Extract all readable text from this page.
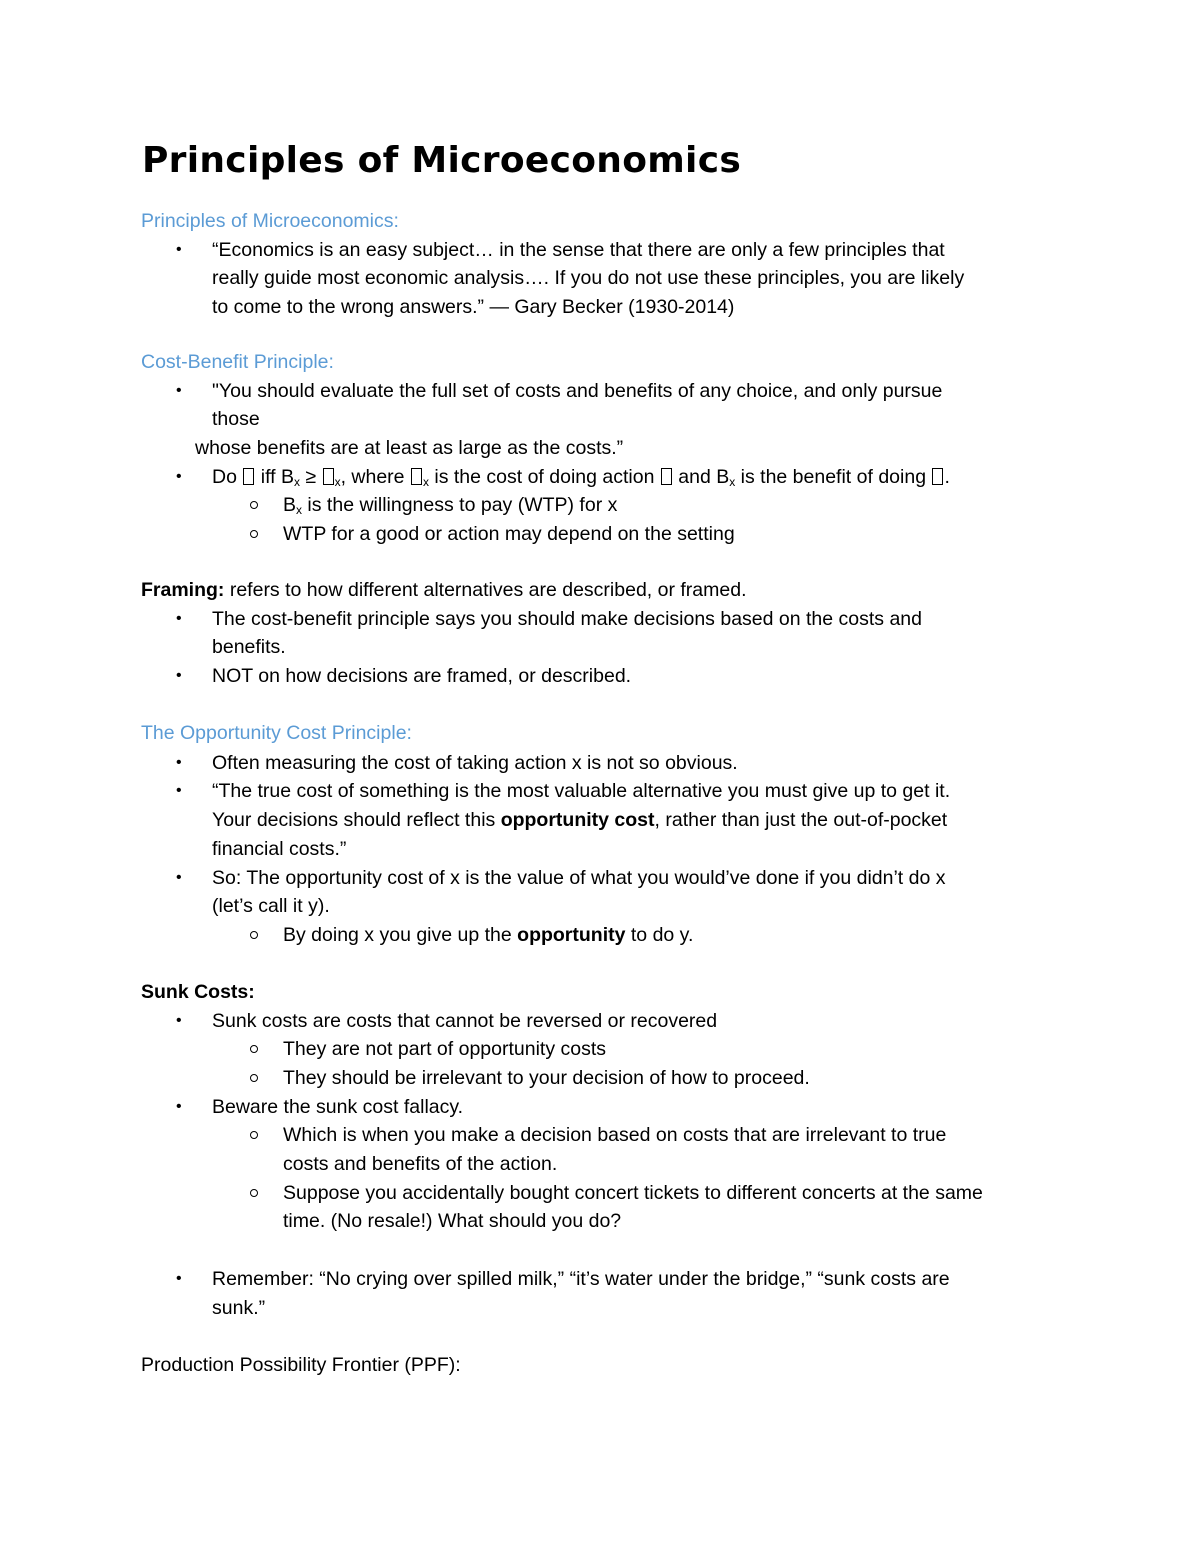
Principles of Microeconomics
Principles of Microeconomics:
• “Economics is an easy subject… in the sense that there are only a few principles that
really guide most economic analysis…. If you do not use these principles, you are likely
to come to the wrong answers.” — Gary Becker (1930-2014)
Cost-Benefit Principle:
• "You should evaluate the full set of costs and benefits of any choice, and only pursue
those
whose benefits are at least as large as the costs.”
• Do  iff $B_x \ge _x$, where $_x$ is the cost of doing action  and $B_x$ is the benefit of doing .
$B_x$ is the willingness to pay (WTP) for x
WTP for a good or action may depend on the setting
Framing: refers to how different alternatives are described, or framed.
• The cost-benefit principle says you should make decisions based on the costs and
benefits.
• NOT on how decisions are framed, or described.
The Opportunity Cost Principle:
• Often measuring the cost of taking action x is not so obvious.
• “The true cost of something is the most valuable alternative you must give up to get it.
Your decisions should reflect this opportunity cost, rather than just the out-of-pocket
financial costs.”
• So: The opportunity cost of x is the value of what you would’ve done if you didn’t do x
(let’s call it y).
By doing x you give up the opportunity to do y.
Sunk Costs:
• Sunk costs are costs that cannot be reversed or recovered
They are not part of opportunity costs
They should be irrelevant to your decision of how to proceed.
• Beware the sunk cost fallacy.
Which is when you make a decision based on costs that are irrelevant to true
costs and benefits of the action.
Suppose you accidentally bought concert tickets to different concerts at the same
time. (No resale!) What should you do?
• Remember: “No crying over spilled milk,” “it’s water under the bridge,” “sunk costs are
sunk.”
Production Possibility Frontier (PPF):
